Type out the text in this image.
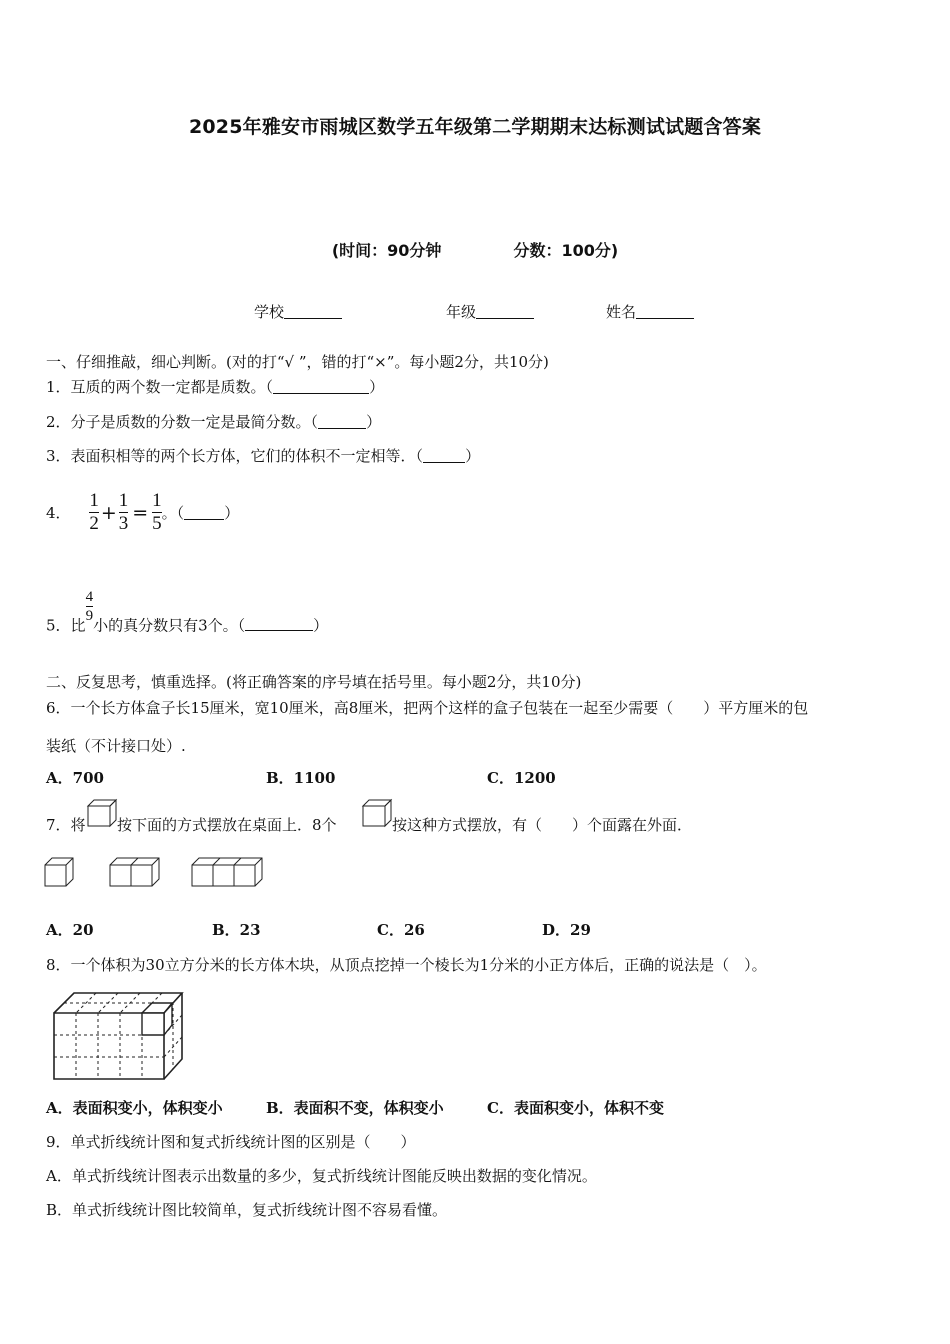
2025年雅安市雨城区数学五年级第二学期期末达标测试试题含答案
(时间：90分钟	分数：100分)
学校	年级	姓名
一、仔细推敲，细心判断。(对的打“√ ”，错的打“×”。每小题2分，共10分)
1．互质的两个数一定都是质数。（	）
2．分子是质数的分数一定是最简分数。（	）
3．表面积相等的两个长方体，它们的体积不一定相等．（	）
4． $\frac{1}{2} + \frac{1}{3} = \frac{1}{5}$ 。（	）
5．比
$\frac{4}{9}$
小的真分数只有3个。（	）
二、反复思考，慎重选择。(将正确答案的序号填在括号里。每小题2分，共10分)
6．一个长方体盒子长15厘米，宽10厘米，高8厘米，把两个这样的盒子包装在一起至少需要（　　）平方厘米的包
装纸（不计接口处）.
A．700	B．1100	C．1200
7．将 按下面的方式摆放在桌面上．8个	按这种方式摆放，有（　　）个面露在外面．
A．20	B．23	C．26	D．29
8．一个体积为30立方分米的长方体木块，从顶点挖掉一个棱长为1分米的小正方体后，正确的说法是（　）。
A．表面积变小，体积变小	B．表面积不变，体积变小	C．表面积变小，体积不变
9．单式折线统计图和复式折线统计图的区别是（　　）
A．单式折线统计图表示出数量的多少，复式折线统计图能反映出数据的变化情况。
B．单式折线统计图比较简单，复式折线统计图不容易看懂。
